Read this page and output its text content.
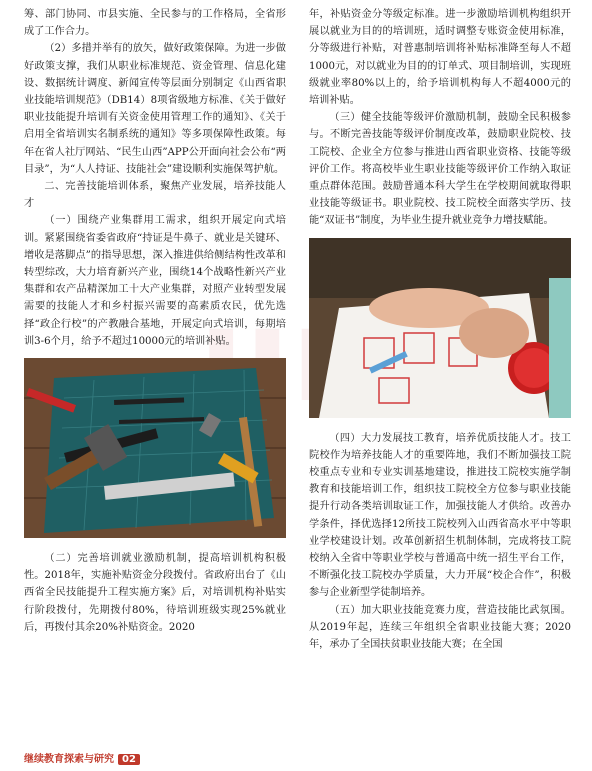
筹、部门协同、市县实施、全民参与的工作格局，全省形成了工作合力。

（2）多措并举有的放矢，做好政策保障。为进一步做好政策支撑，我们从职业标准规范、资金管理、信息化建设、数据统计调度、新闻宣传等层面分别制定《山西省职业技能培训规范》（DB14）8项省级地方标准、《关于做好职业技能提升培训有关资金使用管理工作的通知》、《关于启用全省培训实名制系统的通知》等多项保障性政策。每年在省人社厅网站、“民生山西”APP公开面向社会公布“两目录”，为“人人持证、技能社会”建设顺利实施保驾护航。

二、完善技能培训体系，聚焦产业发展，培养技能人才

（一）围绕产业集群用工需求，组织开展定向式培训。紧紧围绕省委省政府“持证是牛鼻子、就业是关键环、增收是落脚点”的指导思想，深入推进供给侧结构性改革和转型综改，大力培育新兴产业，围绕14个战略性新兴产业集群和农产品精深加工十大产业集群，对照产业转型发展需要的技能人才和乡村振兴需要的高素质农民，优先选择“政企行校”的产教融合基地，开展定向式培训，每期培训3-6个月，给予不超过10000元的培训补贴。

（二）完善培训就业激励机制，提高培训机构积极性。2018年，实施补贴资金分段拨付。省政府出台了《山西省全民技能提升工程实施方案》后，对培训机构补贴实行阶段拨付，先期拨付80%，待培训班级实现25%就业后，再拨付其余20%补贴资金。2020

年，补贴资金分等级定标准。进一步激励培训机构组织开展以就业为目的的培训班，适时调整专账资金使用标准，分等级进行补贴，对普惠制培训将补贴标准降至每人不超1000元，对以就业为目的的订单式、项目制培训，实现班级就业率80%以上的，给予培训机构每人不超4000元的培训补贴。

（三）健全技能等级评价激励机制，鼓励全民积极参与。不断完善技能等级评价制度改革，鼓励职业院校、技工院校、企业全方位参与推进山西省职业资格、技能等级评价工作。将高校毕业生职业技能等级评价工作纳入取证重点群体范围。鼓励普通本科大学生在学校期间就取得职业技能等级证书。职业院校、技工院校全面落实学历、技能“双证书”制度，为毕业生提升就业竞争力增技赋能。

（四）大力发展技工教育，培养优质技能人才。技工院校作为培养技能人才的重要阵地，我们不断加强技工院校重点专业和专业实训基地建设，推进技工院校实施学制教育和技能培训工作，组织技工院校全方位参与职业技能提升行动各类培训取证工作，加强技能人才供给。改善办学条件，择优选择12所技工院校列入山西省高水平中等职业学校建设计划。改革创新招生机制体制，完成将技工院校纳入全省中等职业学校与普通高中统一招生平台工作，不断强化技工院校办学质量，大力开展“校企合作”，积极参与企业新型学徒制培养。

（五）加大职业技能竞赛力度，营造技能比武氛围。从2019年起，连续三年组织全省职业技能大赛；2020年，承办了全国扶贫职业技能大赛；在全国

继续教育探索与研究 02
